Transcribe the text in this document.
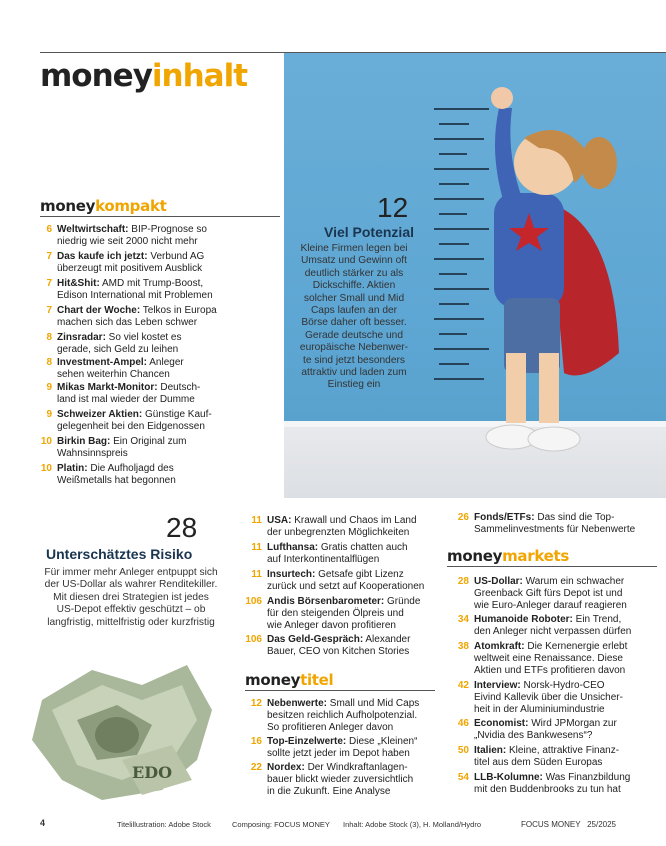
moneyinhalt
12
Viel Potenzial
Kleine Firmen legen bei
Umsatz und Gewinn oft
deutlich stärker zu als
Dickschiffe. Aktien
solcher Small und Mid
Caps laufen an der
Börse daher oft besser.
Gerade deutsche und
europäische Nebenwer-
te sind jetzt besonders
attraktiv und laden zum
Einstieg ein
moneykompakt
6 Weltwirtschaft: BIP-Prognose so
niedrig wie seit 2000 nicht mehr
7 Das kaufe ich jetzt: Verbund AG
überzeugt mit positivem Ausblick
7 Hit&Shit: AMD mit Trump-Boost,
Edison International mit Problemen
7 Chart der Woche: Telkos in Europa
machen sich das Leben schwer
8 Zinsradar: So viel kostet es
gerade, sich Geld zu leihen
8 Investment-Ampel: Anleger
sehen weiterhin Chancen
9 Mikas Markt-Monitor: Deutsch-
land ist mal wieder der Dumme
9 Schweizer Aktien: Günstige Kauf-
gelegenheit bei den Eidgenossen
10 Birkin Bag: Ein Original zum
Wahnsinnspreis
10 Platin: Die Aufholjagd des
Weißmetalls hat begonnen
28
Unterschätztes Risiko
Für immer mehr Anleger entpuppt sich
der US-Dollar als wahrer Renditekiller.
Mit diesen drei Strategien ist jedes
US-Depot effektiv geschützt – ob
langfristig, mittelfristig oder kurzfristig
EDO
11 USA: Krawall und Chaos im Land
der unbegrenzten Möglichkeiten
11 Lufthansa: Gratis chatten auch
auf Interkontinentalflügen
11 Insurtech: Getsafe gibt Lizenz
zurück und setzt auf Kooperationen
106 Andis Börsenbarometer: Gründe
für den steigenden Ölpreis und
wie Anleger davon profitieren
106 Das Geld-Gespräch: Alexander
Bauer, CEO von Kitchen Stories
moneytitel
12 Nebenwerte: Small und Mid Caps
besitzen reichlich Aufholpotenzial.
So profitieren Anleger davon
16 Top-Einzelwerte: Diese „Kleinen“
sollte jetzt jeder im Depot haben
22 Nordex: Der Windkraftanlagen-
bauer blickt wieder zuversichtlich
in die Zukunft. Eine Analyse
26 Fonds/ETFs: Das sind die Top-
Sammelinvestments für Nebenwerte
moneymarkets
28 US-Dollar: Warum ein schwacher
Greenback Gift fürs Depot ist und
wie Euro-Anleger darauf reagieren
34 Humanoide Roboter: Ein Trend,
den Anleger nicht verpassen dürfen
38 Atomkraft: Die Kernenergie erlebt
weltweit eine Renaissance. Diese
Aktien und ETFs profitieren davon
42 Interview: Norsk-Hydro-CEO
Eivind Kallevik über die Unsicher-
heit in der Aluminiumindustrie
46 Economist: Wird JPMorgan zur
„Nvidia des Bankwesens“?
50 Italien: Kleine, attraktive Finanz-
titel aus dem Süden Europas
54 LLB-Kolumne: Was Finanzbildung
mit den Buddenbrooks zu tun hat
4	Titelillustration: Adobe Stock	Composing: FOCUS MONEY Inhalt: Adobe Stock (3), H. Molland/Hydro	FOCUS MONEY   25/2025
